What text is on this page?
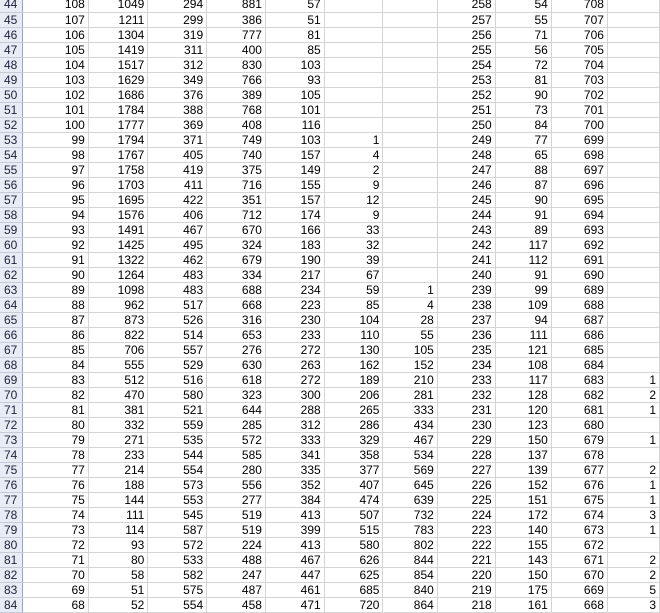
44	108	1049	294	881	57			258	54	708	
45	107	1211	299	386	51			257	55	707	
46	106	1304	319	777	81			256	71	706	
47	105	1419	311	400	85			255	56	705	
48	104	1517	312	830	103			254	72	704	
49	103	1629	349	766	93			253	81	703	
50	102	1686	376	389	105			252	90	702	
51	101	1784	388	768	101			251	73	701	
52	100	1777	369	408	116			250	84	700	
53	99	1794	371	749	103	1		249	77	699	
54	98	1767	405	740	157	4		248	65	698	
55	97	1758	419	375	149	2		247	88	697	
56	96	1703	411	716	155	9		246	87	696	
57	95	1695	422	351	157	12		245	90	695	
58	94	1576	406	712	174	9		244	91	694	
59	93	1491	467	670	166	33		243	89	693	
60	92	1425	495	324	183	32		242	117	692	
61	91	1322	462	679	190	39		241	112	691	
62	90	1264	483	334	217	67		240	91	690	
63	89	1098	483	688	234	59	1	239	99	689	
64	88	962	517	668	223	85	4	238	109	688	
65	87	873	526	316	230	104	28	237	94	687	
66	86	822	514	653	233	110	55	236	111	686	
67	85	706	557	276	272	130	105	235	121	685	
68	84	555	529	630	263	162	152	234	108	684	
69	83	512	516	618	272	189	210	233	117	683	1
70	82	470	580	323	300	206	281	232	128	682	2
71	81	381	521	644	288	265	333	231	120	681	1
72	80	332	559	285	312	286	434	230	123	680	
73	79	271	535	572	333	329	467	229	150	679	1
74	78	233	544	585	341	358	534	228	137	678	
75	77	214	554	280	335	377	569	227	139	677	2
76	76	188	573	556	352	407	645	226	152	676	1
77	75	144	553	277	384	474	639	225	151	675	1
78	74	111	545	519	413	507	732	224	172	674	3
79	73	114	587	519	399	515	783	223	140	673	1
80	72	93	572	224	413	580	802	222	155	672	
81	71	80	533	488	467	626	844	221	143	671	2
82	70	58	582	247	447	625	854	220	150	670	2
83	69	51	575	487	461	685	840	219	175	669	5
84	68	52	554	458	471	720	864	218	161	668	3
